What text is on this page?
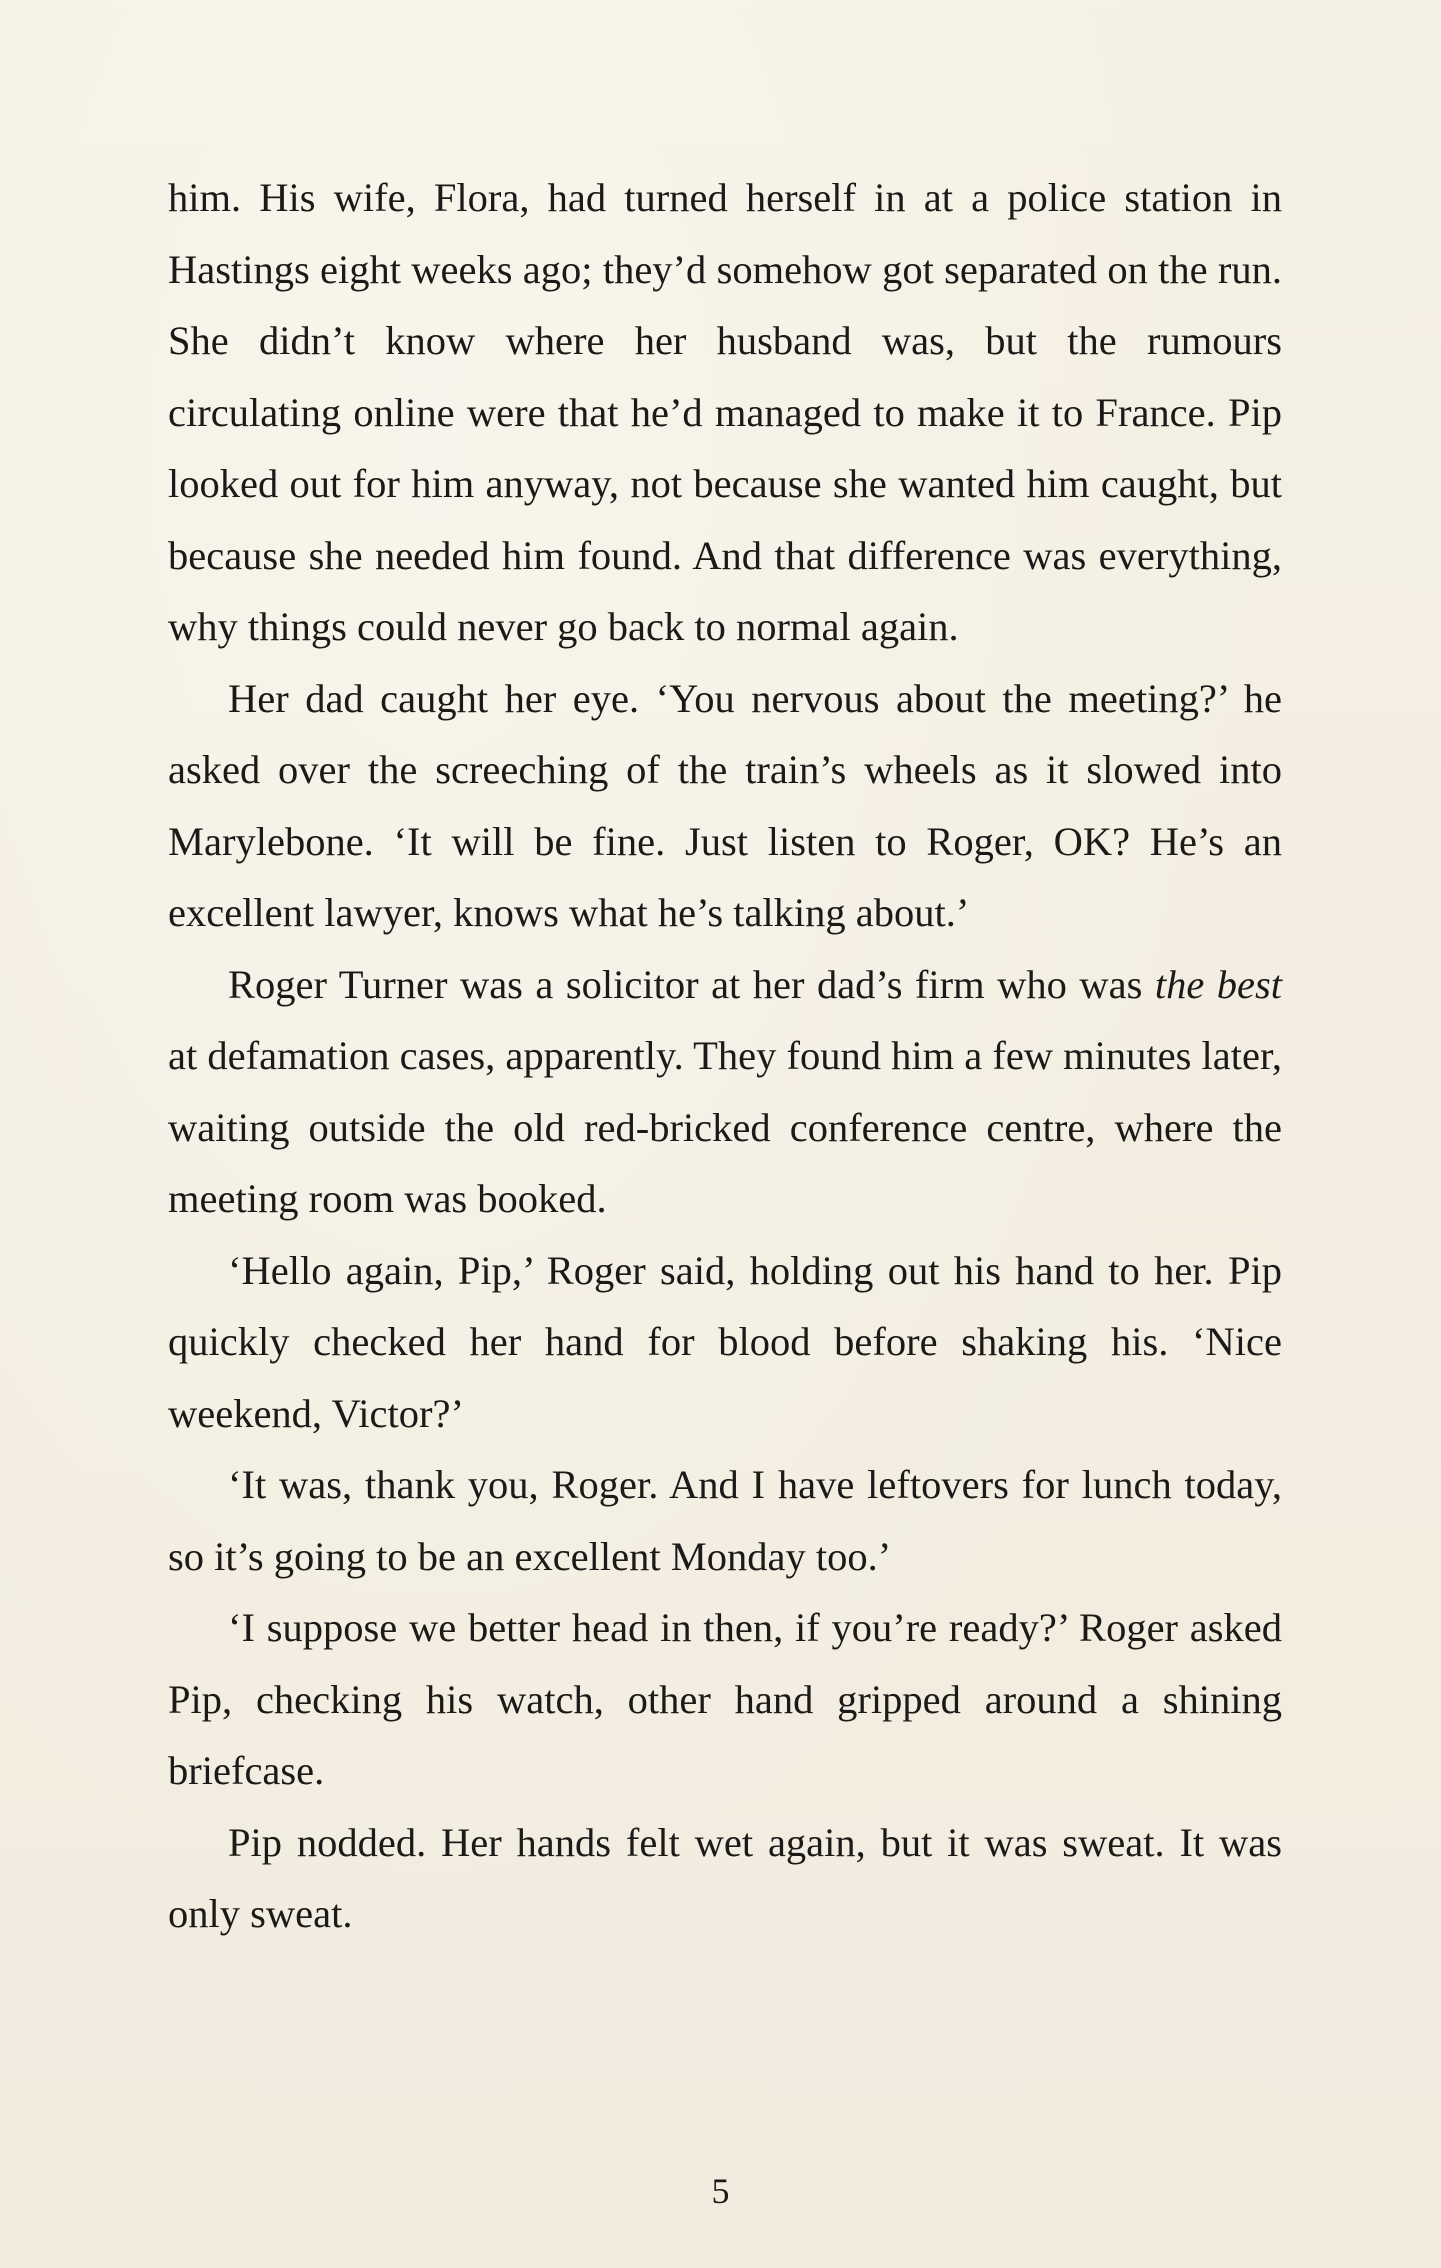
him. His wife, Flora, had turned herself in at a police station in Hastings eight weeks ago; they’d somehow got separated on the run. She didn’t know where her husband was, but the rumours circulating online were that he’d managed to make it to France. Pip looked out for him anyway, not because she wanted him caught, but because she needed him found. And that difference was everything, why things could never go back to normal again.

Her dad caught her eye. ‘You nervous about the meeting?’ he asked over the screeching of the train’s wheels as it slowed into Marylebone. ‘It will be fine. Just listen to Roger, OK? He’s an excellent lawyer, knows what he’s talking about.’

Roger Turner was a solicitor at her dad’s firm who was the best at defamation cases, apparently. They found him a few minutes later, waiting outside the old red-bricked conference centre, where the meeting room was booked.

‘Hello again, Pip,’ Roger said, holding out his hand to her. Pip quickly checked her hand for blood before shaking his. ‘Nice weekend, Victor?’

‘It was, thank you, Roger. And I have leftovers for lunch today, so it’s going to be an excellent Monday too.’

‘I suppose we better head in then, if you’re ready?’ Roger asked Pip, checking his watch, other hand gripped around a shining briefcase.

Pip nodded. Her hands felt wet again, but it was sweat. It was only sweat.

5
